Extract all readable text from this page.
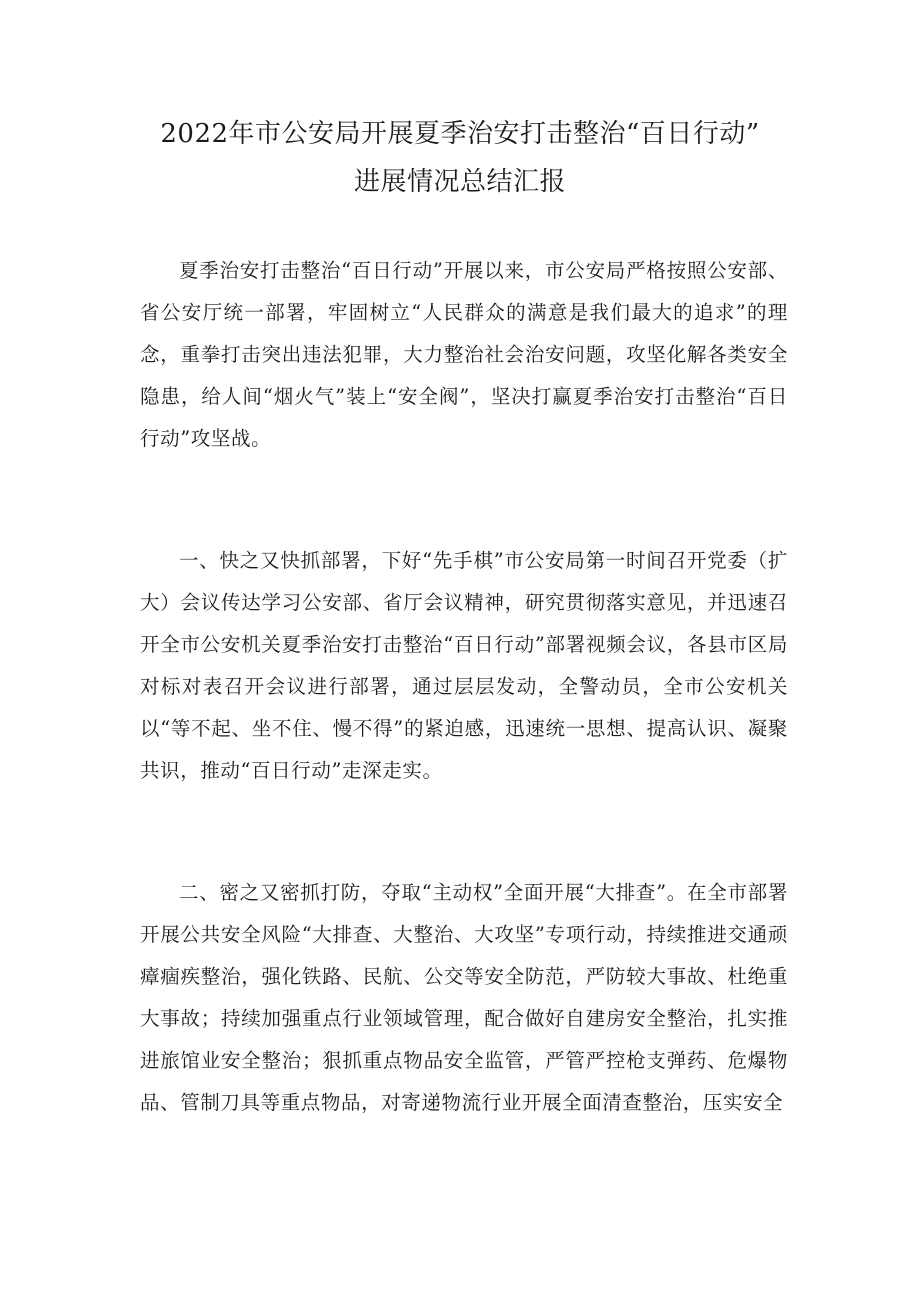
2022年市公安局开展夏季治安打击整治“百日行动”
进展情况总结汇报

夏季治安打击整治“百日行动”开展以来，市公安局严格按照公安部、省公安厅统一部署，牢固树立“人民群众的满意是我们最大的追求”的理念，重拳打击突出违法犯罪，大力整治社会治安问题，攻坚化解各类安全隐患，给人间“烟火气”装上“安全阀”，坚决打赢夏季治安打击整治“百日行动”攻坚战。

一、快之又快抓部署，下好“先手棋”市公安局第一时间召开党委（扩大）会议传达学习公安部、省厅会议精神，研究贯彻落实意见，并迅速召开全市公安机关夏季治安打击整治“百日行动”部署视频会议，各县市区局对标对表召开会议进行部署，通过层层发动，全警动员，全市公安机关以“等不起、坐不住、慢不得”的紧迫感，迅速统一思想、提高认识、凝聚共识，推动“百日行动”走深走实。

二、密之又密抓打防，夺取“主动权”全面开展“大排查”。在全市部署开展公共安全风险“大排查、大整治、大攻坚”专项行动，持续推进交通顽瘴痼疾整治，强化铁路、民航、公交等安全防范，严防较大事故、杜绝重大事故；持续加强重点行业领域管理，配合做好自建房安全整治，扎实推进旅馆业安全整治；狠抓重点物品安全监管，严管严控枪支弹药、危爆物品、管制刀具等重点物品，对寄递物流行业开展全面清查整治，压实安全
